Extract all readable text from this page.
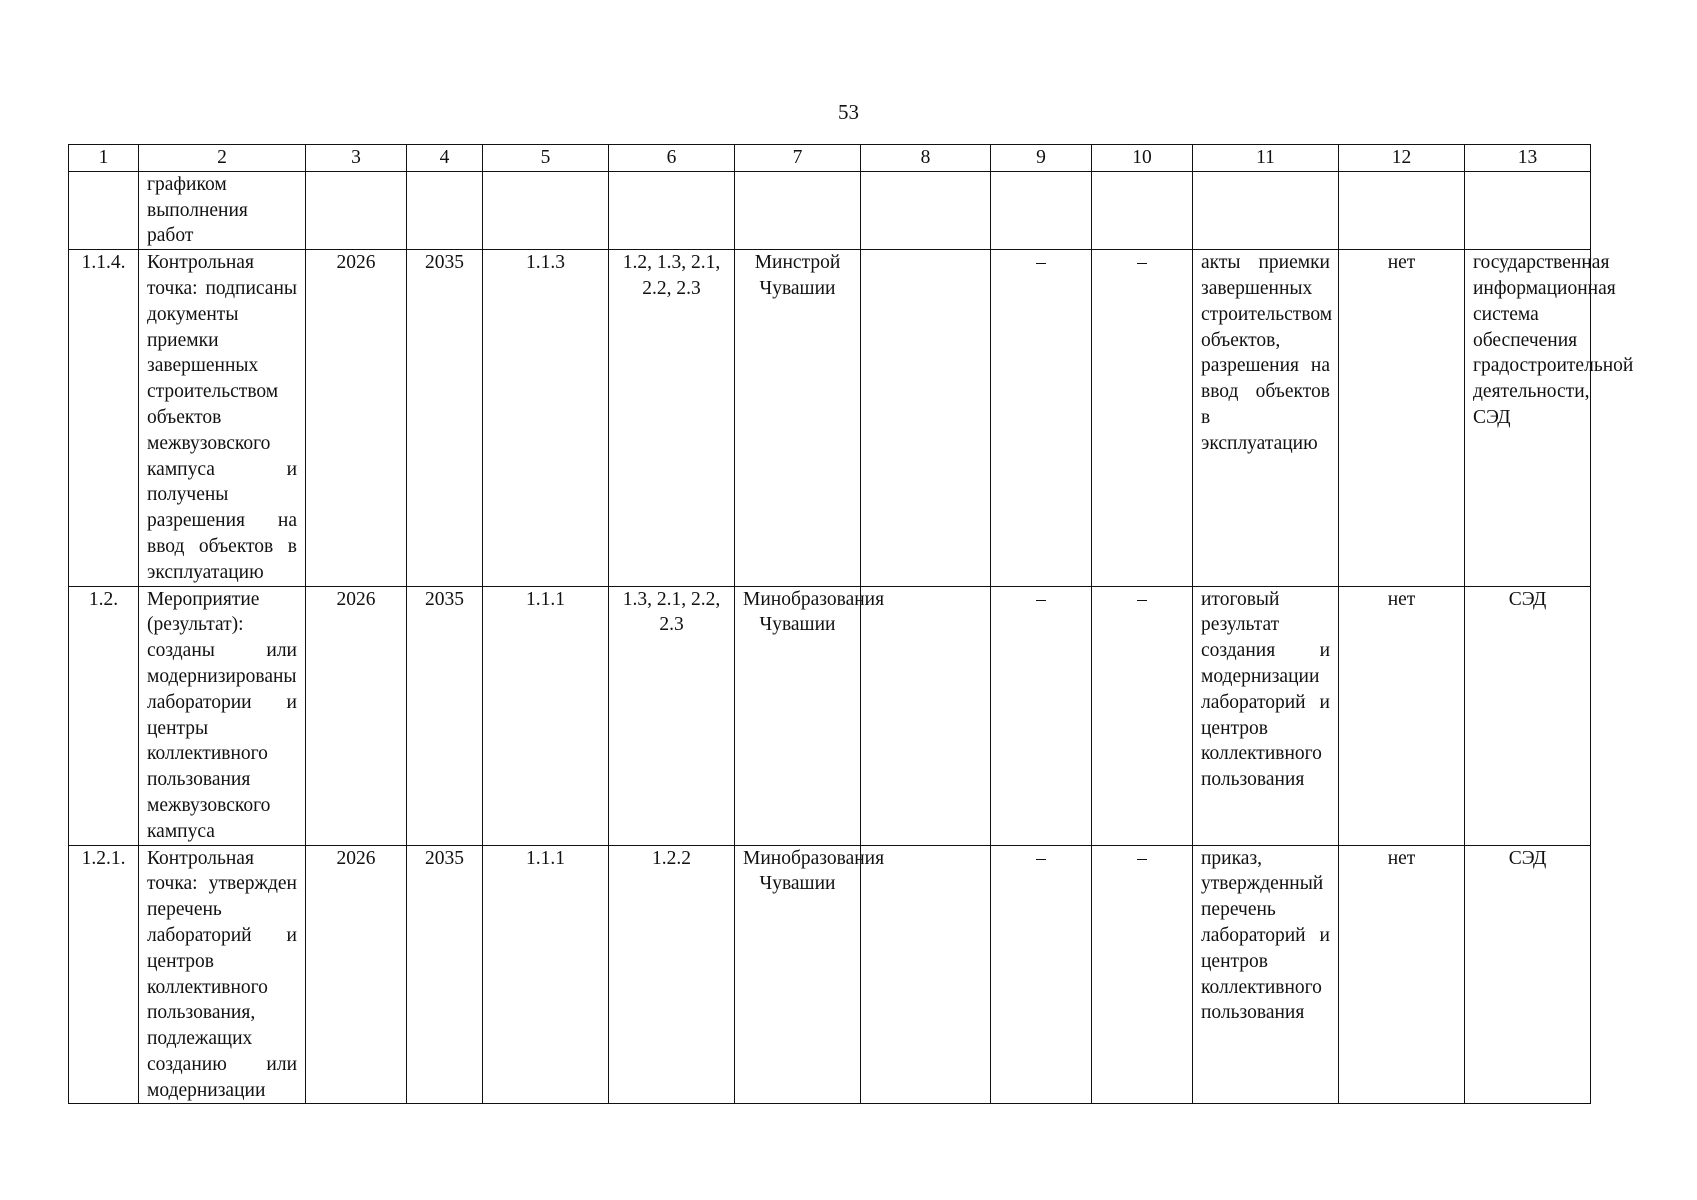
53
1	2	3	4	5	6	7	8	9	10	11	12	13
	графиком выполнения работ											
1.1.4.	Контрольная точка: подписаны документы приемки завершенных строительством объектов межвузовского кампуса и получены разрешения на ввод объектов в эксплуатацию	2026	2035	1.1.3	1.2, 1.3, 2.1, 2.2, 2.3	Минстрой Чувашии		–	–	акты приемки завершенных строительством объектов, разрешения на ввод объектов в эксплуатацию	нет	государственная информационная система обеспечения градостроительной деятельности, СЭД
1.2.	Мероприятие (результат): созданы или модернизированы лаборатории и центры коллективного пользования межвузовского кампуса	2026	2035	1.1.1	1.3, 2.1, 2.2, 2.3	Минобразования Чувашии		–	–	итоговый результат создания и модернизации лабораторий и центров коллективного пользования	нет	СЭД
1.2.1.	Контрольная точка: утвержден перечень лабораторий и центров коллективного пользования, подлежащих созданию или модернизации	2026	2035	1.1.1	1.2.2	Минобразования Чувашии		–	–	приказ, утвержденный перечень лабораторий и центров коллективного пользования	нет	СЭД
